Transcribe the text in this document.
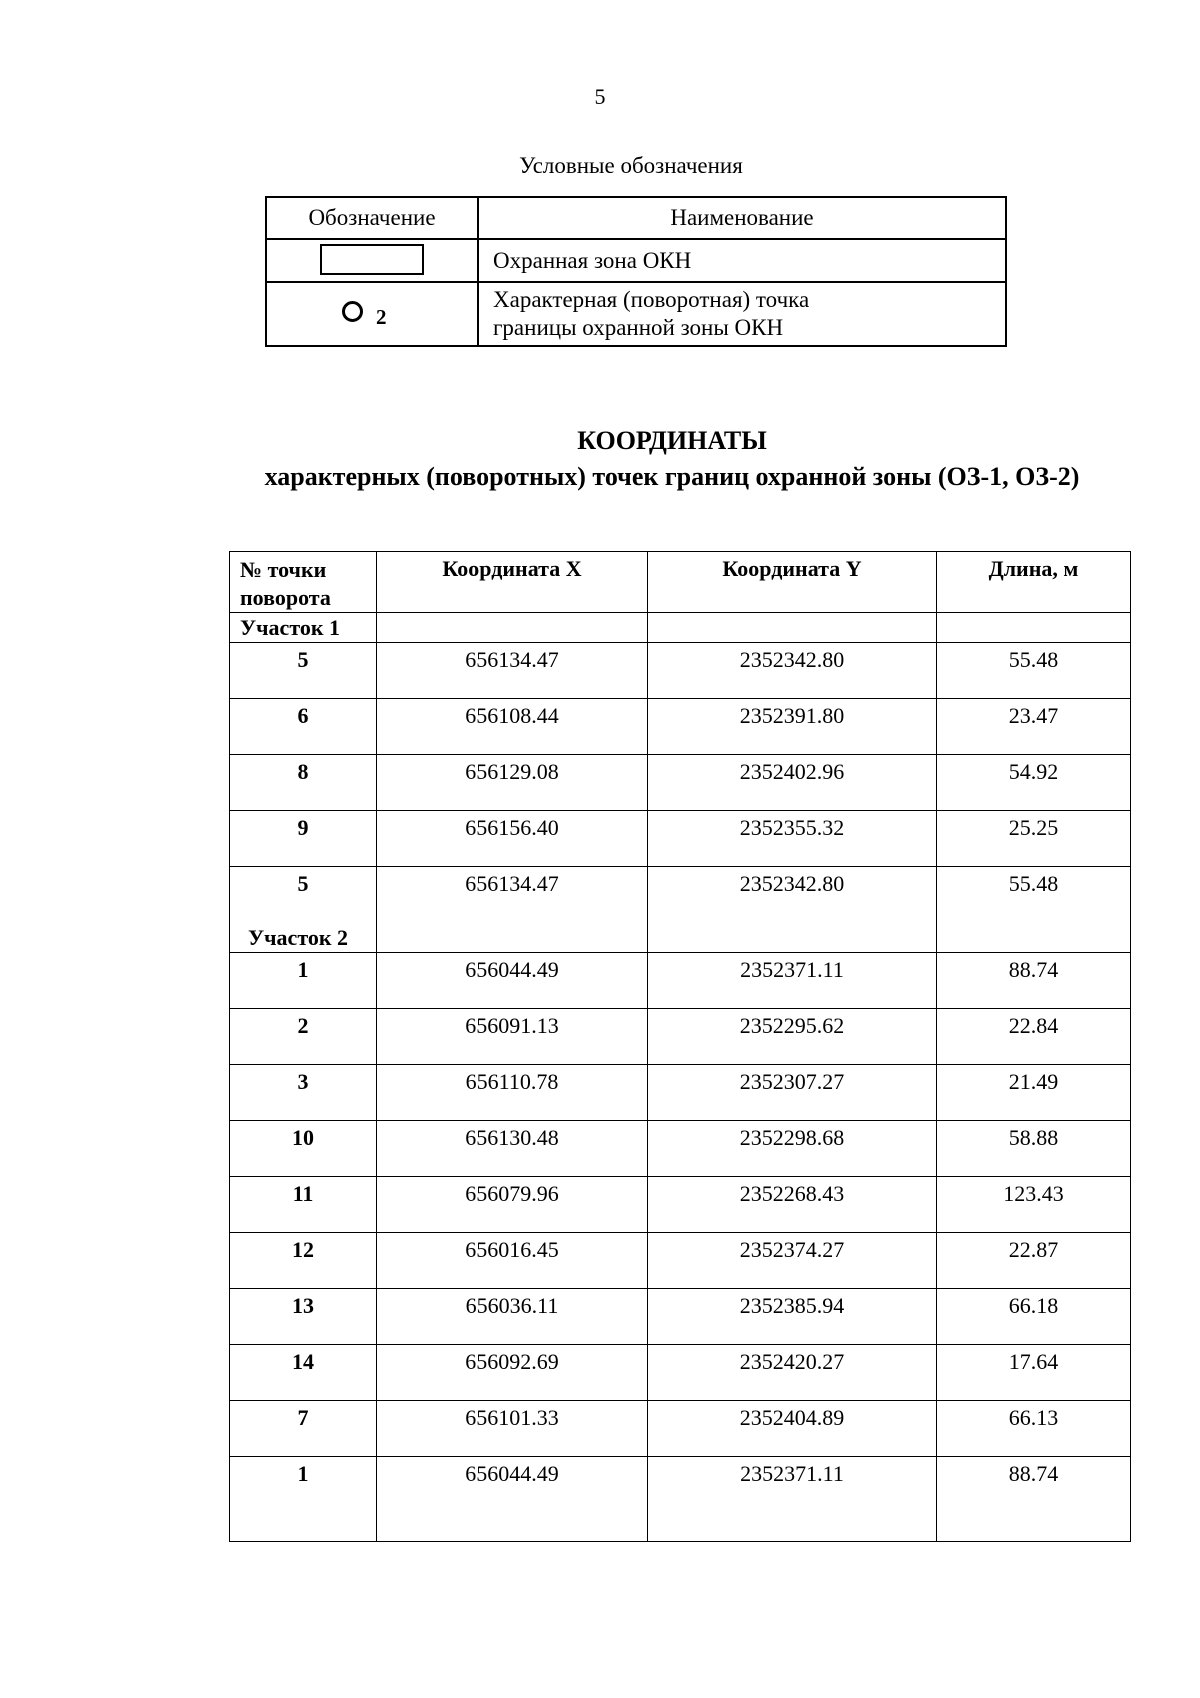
5
Условные обозначения
Обозначение	Наименование
	Охранная зона ОКН

2	Характерная (поворотная) точка
границы охранной зоны ОКН
КООРДИНАТЫ
характерных (поворотных) точек границ охранной зоны (ОЗ-1, ОЗ-2)
№ точки
поворота	Координата X	Координата Y	Длина, м
Участок 1			
5	656134.47	2352342.80	55.48
6	656108.44	2352391.80	23.47
8	656129.08	2352402.96	54.92
9	656156.40	2352355.32	25.25
5	656134.47	2352342.80	55.48
Участок 2			
1	656044.49	2352371.11	88.74
2	656091.13	2352295.62	22.84
3	656110.78	2352307.27	21.49
10	656130.48	2352298.68	58.88
11	656079.96	2352268.43	123.43
12	656016.45	2352374.27	22.87
13	656036.11	2352385.94	66.18
14	656092.69	2352420.27	17.64
7	656101.33	2352404.89	66.13
1	656044.49	2352371.11	88.74
